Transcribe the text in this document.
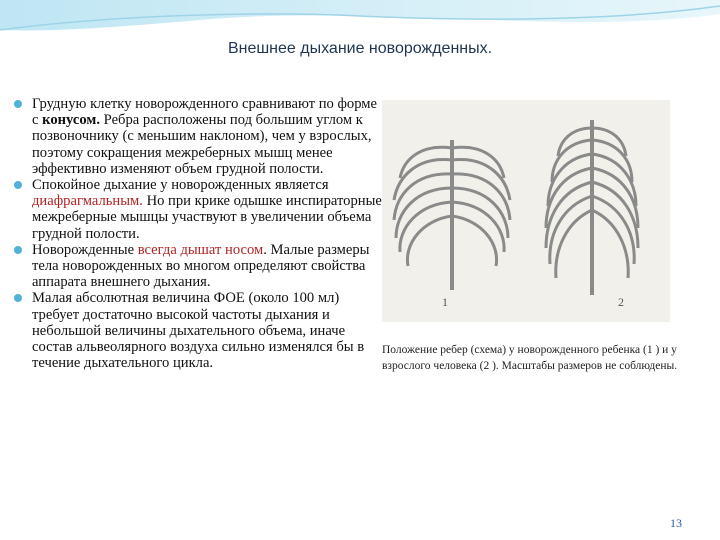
Внешнее дыхание новорожденных.
Грудную клетку новорожденного сравнивают по форме с конусом. Ребра расположены под большим углом к позвоночнику (с меньшим наклоном), чем у взрослых, поэтому сокращения межреберных мышц менее эффективно изменяют объем грудной полости.
Спокойное дыхание у новорожденных является диафрагмальным. Но при крике одышке инспираторные межреберные мышцы участвуют в увеличении объема грудной полости.
Новорожденные всегда дышат носом. Малые размеры тела новорожденных во многом определяют свойства аппарата внешнего дыхания.
Малая абсолютная величина ФОЕ (около 100 мл) требует достаточно высокой частоты дыхания и небольшой величины дыхательного объема, иначе состав альвеолярного воздуха сильно изменялся бы в течение дыхательного цикла.
1	2
Положение ребер (схема) у новорожденного ребенка (1 ) и у взрослого человека (2 ). Масштабы размеров не соблюдены.
13
